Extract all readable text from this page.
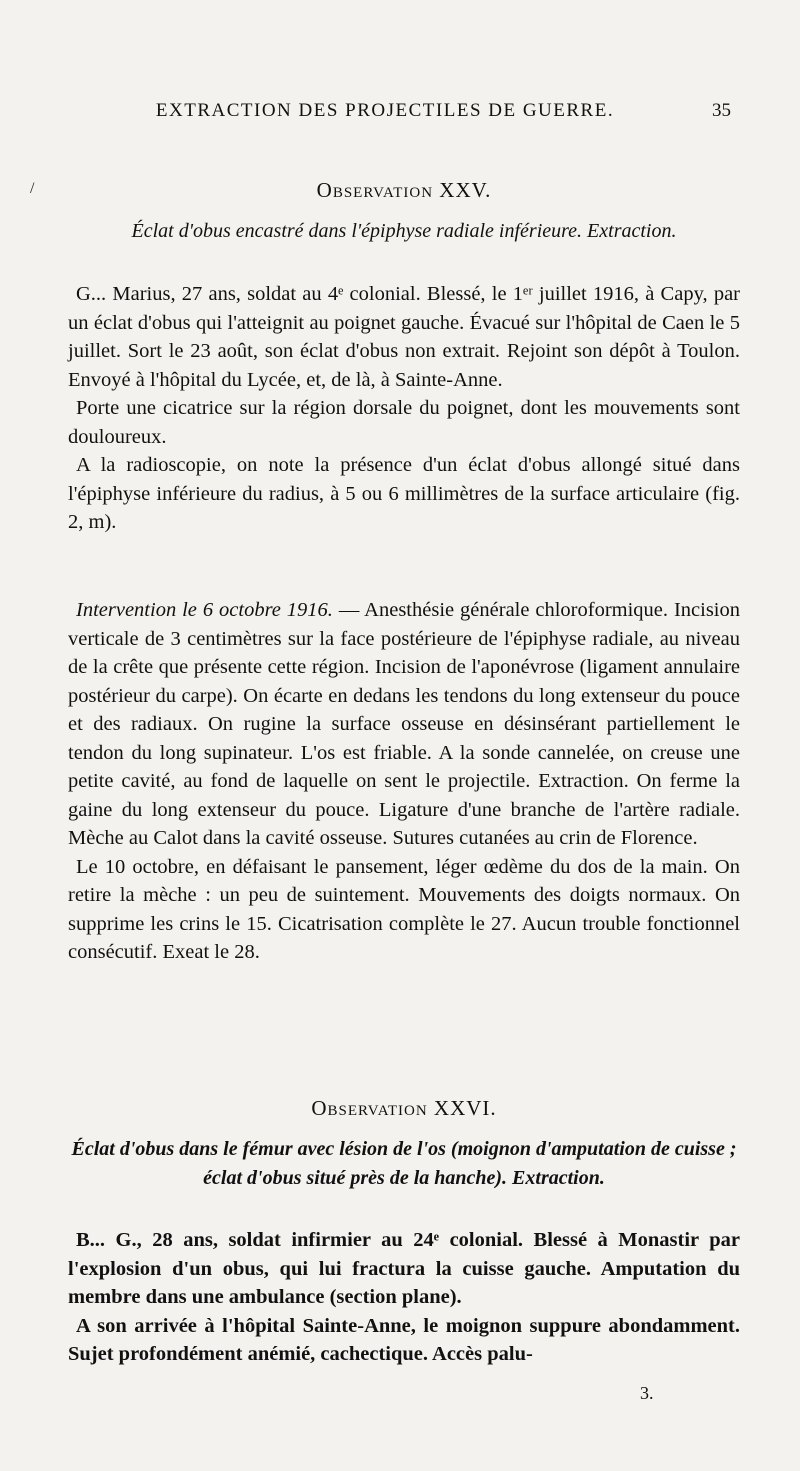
EXTRACTION DES PROJECTILES DE GUERRE.	35
/	Observation XXV.

Éclat d'obus encastré dans l'épiphyse radiale inférieure. Extraction.

G... Marius, 27 ans, soldat au 4ᵉ colonial. Blessé, le 1ᵉʳ juillet 1916, à Capy, par un éclat d'obus qui l'atteignit au poignet gauche. Évacué sur l'hôpital de Caen le 5 juillet. Sort le 23 août, son éclat d'obus non extrait. Rejoint son dépôt à Toulon. Envoyé à l'hôpital du Lycée, et, de là, à Sainte-Anne.

Porte une cicatrice sur la région dorsale du poignet, dont les mouvements sont douloureux.

A la radioscopie, on note la présence d'un éclat d'obus allongé situé dans l'épiphyse inférieure du radius, à 5 ou 6 millimètres de la surface articulaire (fig. 2, m).

Intervention le 6 octobre 1916. — Anesthésie générale chloroformique. Incision verticale de 3 centimètres sur la face postérieure de l'épiphyse radiale, au niveau de la crête que présente cette région. Incision de l'aponévrose (ligament annulaire postérieur du carpe). On écarte en dedans les tendons du long extenseur du pouce et des radiaux. On rugine la surface osseuse en désinsérant partiellement le tendon du long supinateur. L'os est friable. A la sonde cannelée, on creuse une petite cavité, au fond de laquelle on sent le projectile. Extraction. On ferme la gaine du long extenseur du pouce. Ligature d'une branche de l'artère radiale. Mèche au Calot dans la cavité osseuse. Sutures cutanées au crin de Florence.

Le 10 octobre, en défaisant le pansement, léger œdème du dos de la main. On retire la mèche : un peu de suintement. Mouvements des doigts normaux. On supprime les crins le 15. Cicatrisation complète le 27. Aucun trouble fonctionnel consécutif. Exeat le 28.

Observation XXVI.

Éclat d'obus dans le fémur avec lésion de l'os (moignon d'amputation de cuisse ; éclat d'obus situé près de la hanche). Extraction.

B... G., 28 ans, soldat infirmier au 24ᵉ colonial. Blessé à Monastir par l'explosion d'un obus, qui lui fractura la cuisse gauche. Amputation du membre dans une ambulance (section plane).

A son arrivée à l'hôpital Sainte-Anne, le moignon suppure abondamment. Sujet profondément anémié, cachectique. Accès palu-

3.
